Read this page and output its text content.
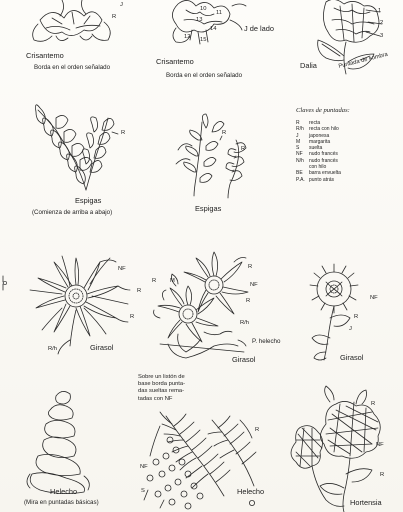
Crisantemo
Borda en el orden señalado
Crisantemo
Borda en el orden señalado
J de lado
Dalia	Puntada de sombra
Espigas
(Comienza de arriba a abajo)	Espigas
Girasol
Girasol
P. helecho
Girasol
Sobre un listón de
base borda punta-
das sueltas rema-
tadas con NF
Helecho
(Mira en puntadas básicas)
Helecho
Hortensia
J
R
12 15
14
13
10
11	1
2
3
R	R
R
NF
R
R
R/h
R M
R
NF
R
R/h
NF
R
J
R
NF
S
R
NF
R
Claves de puntadas:
R	recta
R/h	recta con hilo
J	japonesa
M	margarita
S	suelta
NF	nudo francés
N/h	nudo francés
con hilo
BE	barra envuelta
P.A. punto atrás
